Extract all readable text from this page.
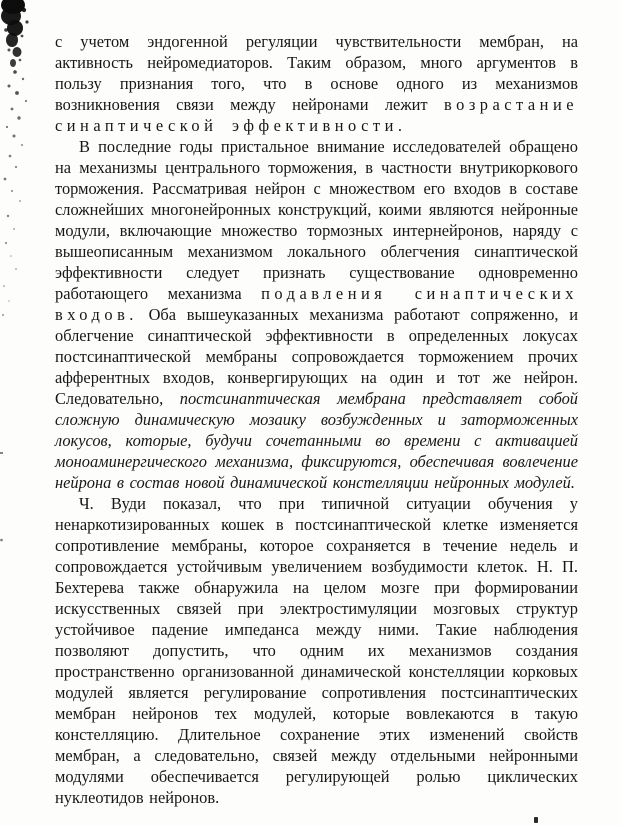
с учетом эндогенной регуляции чувствительности мембран, на активность нейромедиаторов. Таким образом, много аргументов в пользу признания того, что в основе одного из механизмов возникновения связи между нейронами лежит возрастание синаптической эффективности.

В последние годы пристальное внимание исследователей обращено на механизмы центрального торможения, в частности внутрикоркового торможения. Рассматривая нейрон с множеством его входов в составе сложнейших многонейронных конструкций, коими являются нейронные модули, включающие множество тормозных интернейронов, наряду с вышеописанным механизмом локального облегчения синаптической эффективности следует признать существование одновременно работающего механизма подавления синаптических входов. Оба вышеуказанных механизма работают сопряженно, и облегчение синаптической эффективности в определенных локусах постсинаптической мембраны сопровождается торможением прочих афферентных входов, конвергирующих на один и тот же нейрон. Следовательно, постсинаптическая мембрана представляет собой сложную динамическую мозаику возбужденных и заторможенных локусов, которые, будучи сочетанными во времени с активацией моноаминергического механизма, фиксируются, обеспечивая вовлечение нейрона в состав новой динамической констелляции нейронных модулей.

Ч. Вуди показал, что при типичной ситуации обучения у ненаркотизированных кошек в постсинаптической клетке изменяется сопротивление мембраны, которое сохраняется в течение недель и сопровождается устойчивым увеличением возбудимости клеток. Н. П. Бехтерева также обнаружила на целом мозге при формировании искусственных связей при электростимуляции мозговых структур устойчивое падение импеданса между ними. Такие наблюдения позволяют допустить, что одним их механизмов создания пространственно организованной динамической констелляции корковых модулей является регулирование сопротивления постсинаптических мембран нейронов тех модулей, которые вовлекаются в такую констелляцию. Длительное сохранение этих изменений свойств мембран, а следовательно, связей между отдельными нейронными модулями обеспечивается регулирующей ролью циклических нуклеотидов нейронов.
